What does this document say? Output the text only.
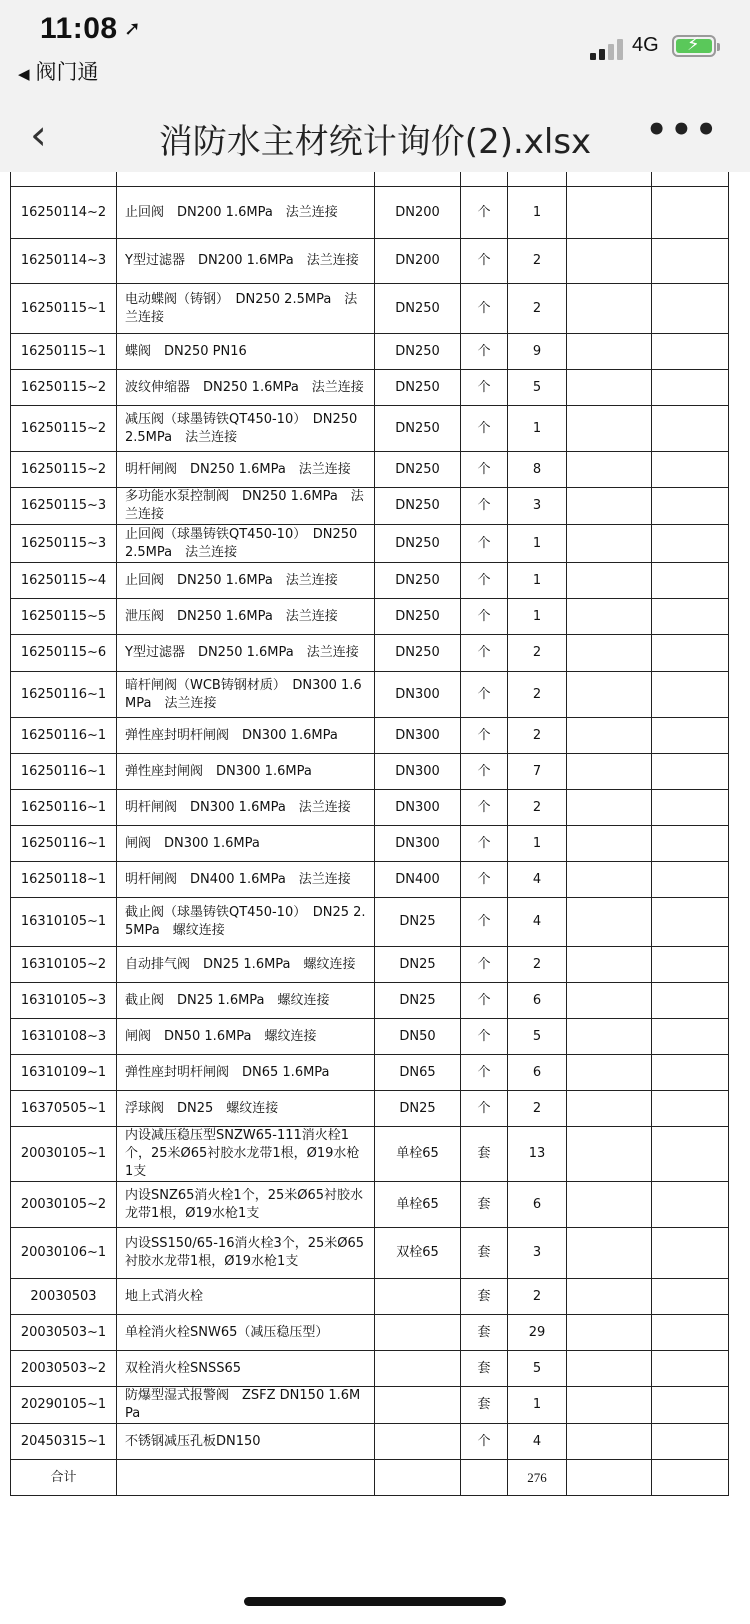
11:08 ➚
◀ 阀门通
4G ⚡
‹	消防水主材统计询价(2).xlsx	•••

16250114~2	止回阀　DN200 1.6MPa　法兰连接	DN200	个	1		
16250114~3	Y型过滤器　DN200 1.6MPa　法兰连接	DN200	个	2		
16250115~1	电动蝶阀（铸钢）　DN250 2.5MPa　法兰连接	DN250	个	2		
16250115~1	蝶阀　DN250 PN16	DN250	个	9		
16250115~2	波纹伸缩器　DN250 1.6MPa　法兰连接	DN250	个	5		
16250115~2	减压阀（球墨铸铁QT450-10）　DN250 2.5MPa　法兰连接	DN250	个	1		
16250115~2	明杆闸阀　DN250 1.6MPa　法兰连接	DN250	个	8		
16250115~3	多功能水泵控制阀　DN250 1.6MPa　法兰连接	DN250	个	3		
16250115~3	止回阀（球墨铸铁QT450-10）　DN250 2.5MPa　法兰连接	DN250	个	1		
16250115~4	止回阀　DN250 1.6MPa　法兰连接	DN250	个	1		
16250115~5	泄压阀　DN250 1.6MPa　法兰连接	DN250	个	1		
16250115~6	Y型过滤器　DN250 1.6MPa　法兰连接	DN250	个	2		
16250116~1	暗杆闸阀（WCB铸钢材质）　DN300 1.6MPa　法兰连接	DN300	个	2		
16250116~1	弹性座封明杆闸阀　DN300 1.6MPa	DN300	个	2		
16250116~1	弹性座封闸阀　DN300 1.6MPa	DN300	个	7		
16250116~1	明杆闸阀　DN300 1.6MPa　法兰连接	DN300	个	2		
16250116~1	闸阀　DN300 1.6MPa	DN300	个	1		
16250118~1	明杆闸阀　DN400 1.6MPa　法兰连接	DN400	个	4		
16310105~1	截止阀（球墨铸铁QT450-10）　DN25 2.5MPa　螺纹连接	DN25	个	4		
16310105~2	自动排气阀　DN25 1.6MPa　螺纹连接	DN25	个	2		
16310105~3	截止阀　DN25 1.6MPa　螺纹连接	DN25	个	6		
16310108~3	闸阀　DN50 1.6MPa　螺纹连接	DN50	个	5		
16310109~1	弹性座封明杆闸阀　DN65 1.6MPa	DN65	个	6		
16370505~1	浮球阀　DN25　螺纹连接	DN25	个	2		
20030105~1	内设减压稳压型SNZW65-111消火栓1个，25米Ø65衬胶水龙带1根，Ø19水枪1支	单栓65	套	13		
20030105~2	内设SNZ65消火栓1个，25米Ø65衬胶水龙带1根，Ø19水枪1支	单栓65	套	6		
20030106~1	内设SS150/65-16消火栓3个，25米Ø65衬胶水龙带1根，Ø19水枪1支	双栓65	套	3		
20030503	地上式消火栓		套	2		
20030503~1	单栓消火栓SNW65（减压稳压型）		套	29		
20030503~2	双栓消火栓SNSS65		套	5		
20290105~1	防爆型湿式报警阀　ZSFZ DN150 1.6MPa		套	1		
20450315~1	不锈钢减压孔板DN150		个	4		
合计				276		
